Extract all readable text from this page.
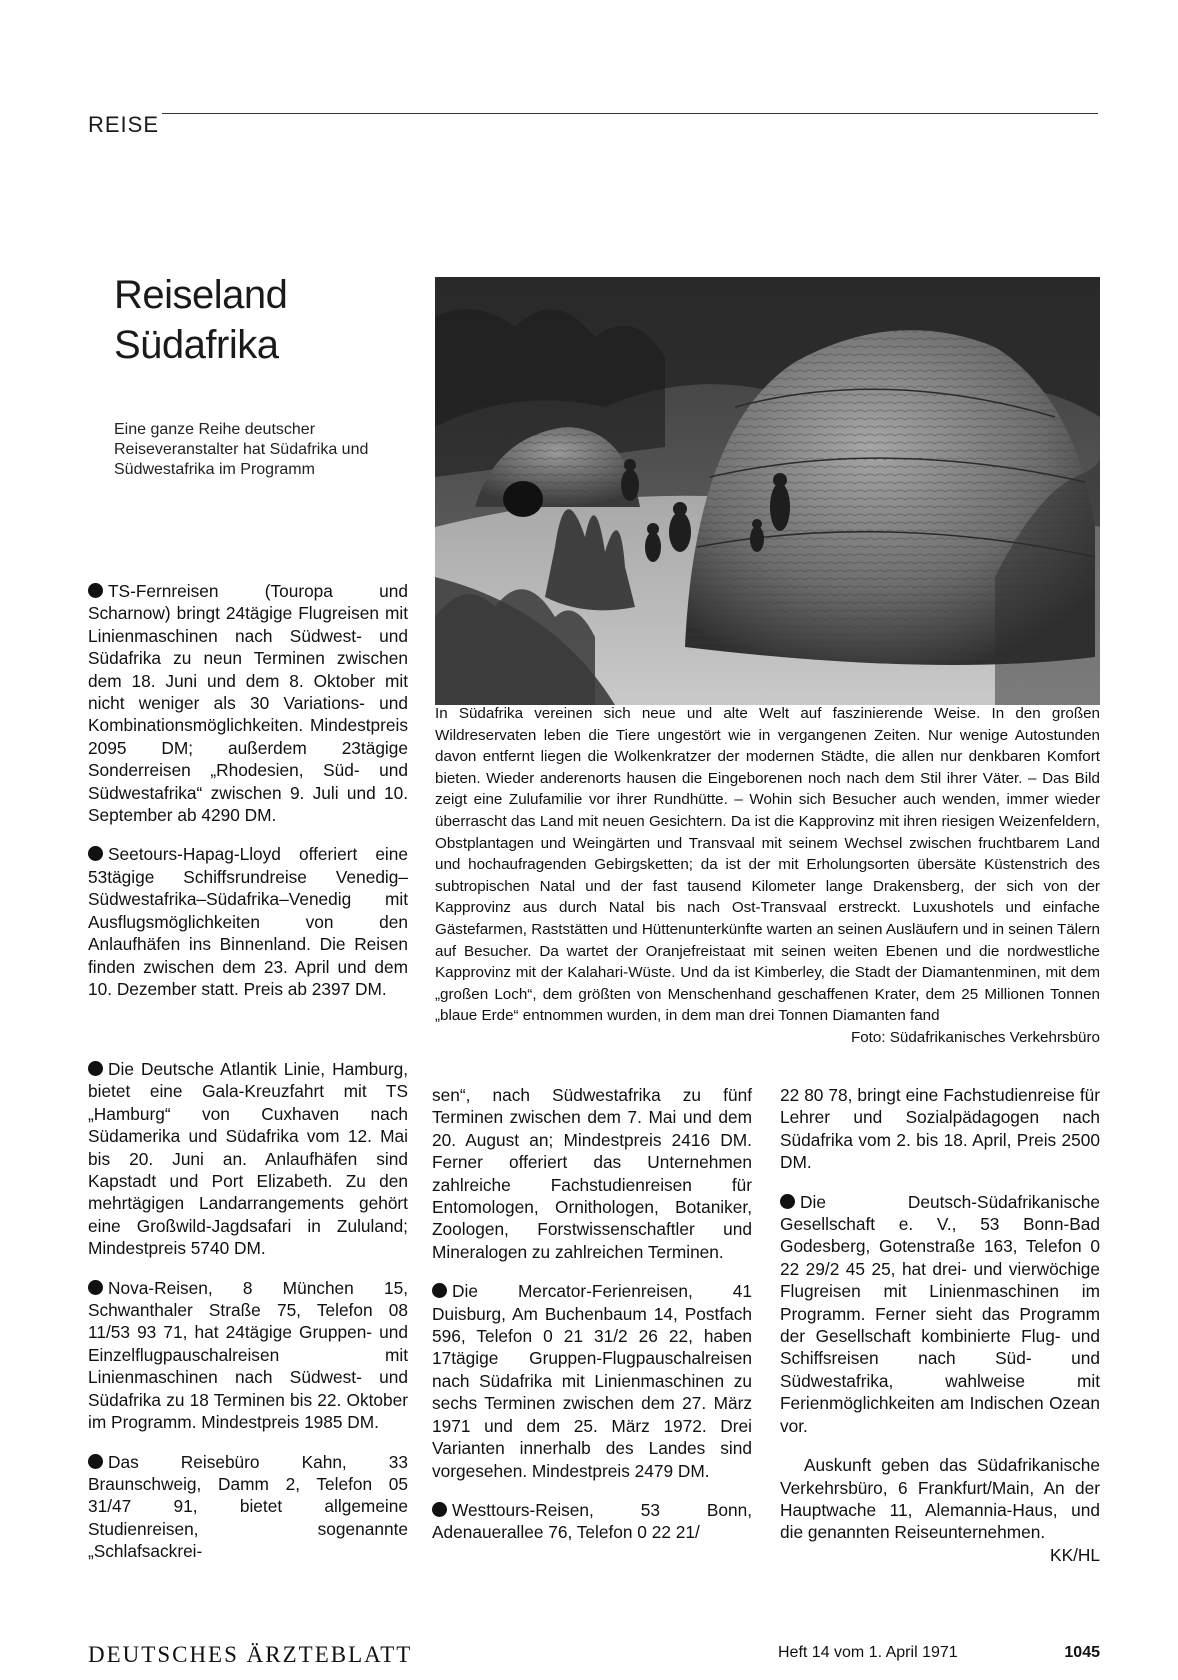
REISE
Reiseland
Südafrika
Eine ganze Reihe deutscher Reiseveranstalter hat Südafrika und Südwestafrika im Programm
In Südafrika vereinen sich neue und alte Welt auf faszinierende Weise. In den großen Wildreservaten leben die Tiere ungestört wie in vergangenen Zeiten. Nur wenige Autostunden davon entfernt liegen die Wolkenkratzer der modernen Städte, die allen nur denkbaren Komfort bieten. Wieder anderenorts hausen die Eingeborenen noch nach dem Stil ihrer Väter. – Das Bild zeigt eine Zulufamilie vor ihrer Rundhütte. – Wohin sich Besucher auch wenden, immer wieder überrascht das Land mit neuen Gesichtern. Da ist die Kapprovinz mit ihren riesigen Weizenfeldern, Obstplantagen und Weingärten und Transvaal mit seinem Wechsel zwischen fruchtbarem Land und hochaufragenden Gebirgsketten; da ist der mit Erholungsorten übersäte Küstenstrich des subtropischen Natal und der fast tausend Kilometer lange Drakensberg, der sich von der Kapprovinz aus durch Natal bis nach Ost-Transvaal erstreckt. Luxushotels und einfache Gästefarmen, Raststätten und Hüttenunterkünfte warten an seinen Ausläufern und in seinen Tälern auf Besucher. Da wartet der Oranjefreistaat mit seinen weiten Ebenen und die nordwestliche Kapprovinz mit der Kalahari-Wüste. Und da ist Kimberley, die Stadt der Diamantenminen, mit dem „großen Loch“, dem größten von Menschenhand geschaffenen Krater, dem 25 Millionen Tonnen „blaue Erde“ entnommen wurden, in dem man drei Tonnen Diamanten fand
Foto: Südafrikanisches Verkehrsbüro

TS-Fernreisen (Touropa und Scharnow) bringt 24tägige Flugreisen mit Linienmaschinen nach Südwest- und Südafrika zu neun Terminen zwischen dem 18. Juni und dem 8. Oktober mit nicht weniger als 30 Variations- und Kombinationsmöglichkeiten. Mindestpreis 2095 DM; außerdem 23tägige Sonderreisen „Rhodesien, Süd- und Südwestafrika“ zwischen 9. Juli und 10. September ab 4290 DM.

Seetours-Hapag-Lloyd offeriert eine 53tägige Schiffsrundreise Venedig–Südwestafrika–Südafrika–Venedig mit Ausflugsmöglichkeiten von den Anlaufhäfen ins Binnenland. Die Reisen finden zwischen dem 23. April und dem 10. Dezember statt. Preis ab 2397 DM.

Die Deutsche Atlantik Linie, Hamburg, bietet eine Gala-Kreuzfahrt mit TS „Hamburg“ von Cuxhaven nach Südamerika und Südafrika vom 12. Mai bis 20. Juni an. Anlaufhäfen sind Kapstadt und Port Elizabeth. Zu den mehrtägigen Landarrangements gehört eine Großwild-Jagdsafari in Zululand; Mindestpreis 5740 DM.

Nova-Reisen, 8 München 15, Schwanthaler Straße 75, Telefon 08 11/53 93 71, hat 24tägige Gruppen- und Einzelflugpauschalreisen mit Linienmaschinen nach Südwest- und Südafrika zu 18 Terminen bis 22. Oktober im Programm. Mindestpreis 1985 DM.

Das Reisebüro Kahn, 33 Braunschweig, Damm 2, Telefon 05 31/47 91, bietet allgemeine Studienreisen, sogenannte „Schlafsackrei-

sen“, nach Südwestafrika zu fünf Terminen zwischen dem 7. Mai und dem 20. August an; Mindestpreis 2416 DM. Ferner offeriert das Unternehmen zahlreiche Fachstudienreisen für Entomologen, Ornithologen, Botaniker, Zoologen, Forstwissenschaftler und Mineralogen zu zahlreichen Terminen.

Die Mercator-Ferienreisen, 41 Duisburg, Am Buchenbaum 14, Postfach 596, Telefon 0 21 31/2 26 22, haben 17tägige Gruppen-Flugpauschalreisen nach Südafrika mit Linienmaschinen zu sechs Terminen zwischen dem 27. März 1971 und dem 25. März 1972. Drei Varianten innerhalb des Landes sind vorgesehen. Mindestpreis 2479 DM.

Westtours-Reisen, 53 Bonn, Adenauerallee 76, Telefon 0 22 21/

22 80 78, bringt eine Fachstudienreise für Lehrer und Sozialpädagogen nach Südafrika vom 2. bis 18. April, Preis 2500 DM.

Die Deutsch-Südafrikanische Gesellschaft e. V., 53 Bonn-Bad Godesberg, Gotenstraße 163, Telefon 0 22 29/2 45 25, hat drei- und vierwöchige Flugreisen mit Linienmaschinen im Programm. Ferner sieht das Programm der Gesellschaft kombinierte Flug- und Schiffsreisen nach Süd- und Südwestafrika, wahlweise mit Ferienmöglichkeiten am Indischen Ozean vor.

Auskunft geben das Südafrikanische Verkehrsbüro, 6 Frankfurt/Main, An der Hauptwache 11, Alemannia-Haus, und die genannten Reiseunternehmen.
KK/HL

DEUTSCHES ÄRZTEBLATT	Heft 14 vom 1. April 1971	1045
